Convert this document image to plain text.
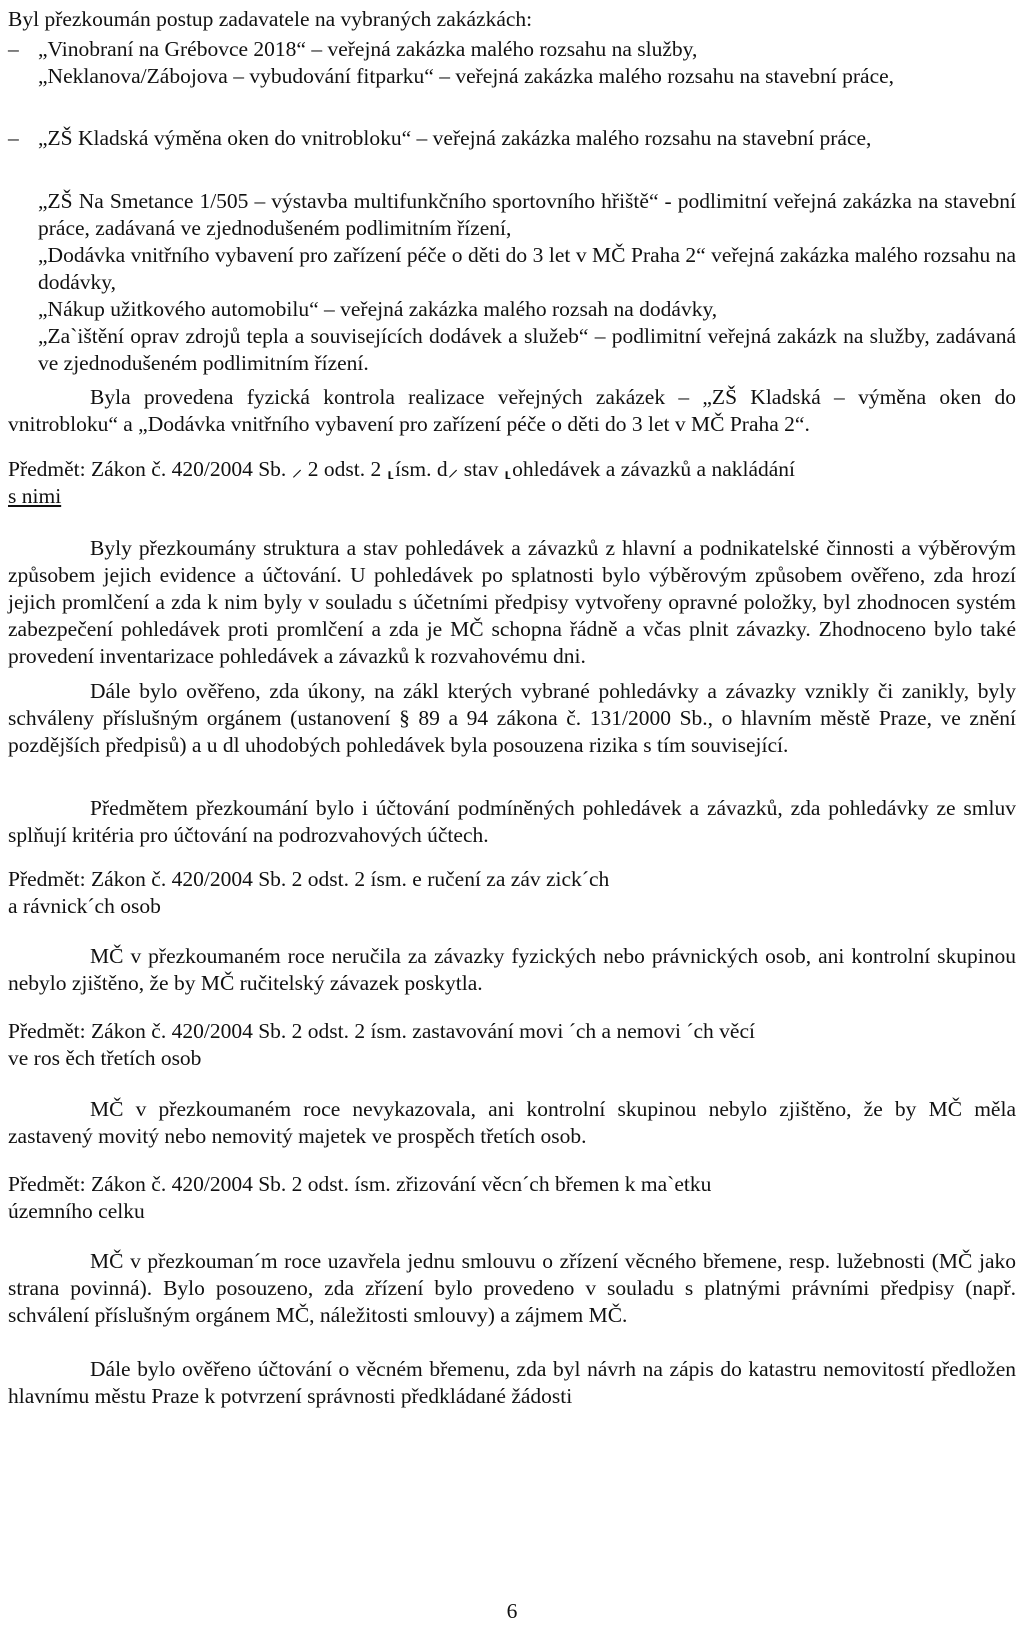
Byl přezkoumán postup zadavatele na vybraných zakázkách:
– „Vinobraní na Grébovce 2018“ – veřejná zakázka malého rozsahu na služby,
„Neklanova/Zábojova – vybudování fitparku“ – veřejná zakázka malého rozsahu na stavební práce,
– „ZŠ Kladská výměna oken do vnitrobloku“ – veřejná zakázka malého rozsahu na stavební práce,
„ZŠ Na Smetance 1/505 – výstavba multifunkčního sportovního hřiště“ - podlimitní veřejná zakázka na stavební práce, zadávaná ve zjednodušeném podlimitním řízení,
„Dodávka vnitřního vybavení pro zařízení péče o děti do 3 let v MČ Praha 2“ veřejná zakázka malého rozsahu na dodávky,
„Nákup užitkového automobilu“ – veřejná zakázka malého rozsah na dodávky,
„Za`ištění oprav zdrojů tepla a souvisejících dodávek a služeb“ – podlimitní veřejná zakázk na služby, zadávaná ve zjednodušeném podlimitním řízení.
Byla provedena fyzická kontrola realizace veřejných zakázek – „ZŠ Kladská – výměna oken do vnitrobloku“ a „Dodávka vnitřního vybavení pro zařízení péče o děti do 3 let v MČ Praha 2“.
Předmět: Zákon č. 420/2004 Sb. ⸝ 2 odst. 2 ⸤ísm. d⸝ stav ⸤ohledávek a závazků a nakládání
s nimi
Byly přezkoumány struktura a stav pohledávek a závazků z hlavní a podnikatelské činnosti a výběrovým způsobem jejich evidence a účtování. U pohledávek po splatnosti bylo výběrovým způsobem ověřeno, zda hrozí jejich promlčení a zda k nim byly v souladu s účetními předpisy vytvořeny opravné položky, byl zhodnocen systém zabezpečení pohledávek proti promlčení a zda je MČ schopna řádně a včas plnit závazky. Zhodnoceno bylo také provedení inventarizace pohledávek a závazků k rozvahovému dni.
Dále bylo ověřeno, zda úkony, na zákl kterých vybrané pohledávky a závazky vznikly či zanikly, byly schváleny příslušným orgánem (ustanovení § 89 a 94 zákona č. 131/2000 Sb., o hlavním městě Praze, ve znění pozdějších předpisů) a u dl uhodobých pohledávek byla posouzena rizika s tím související.
Předmětem přezkoumání bylo i účtování podmíněných pohledávek a závazků, zda pohledávky ze smluv splňují kritéria pro účtování na podrozvahových účtech.
Předmět: Zákon č. 420/2004 Sb. 2 odst. 2 ísm. e ručení za záv zick´ch
a rávnick´ch osob
MČ v přezkoumaném roce neručila za závazky fyzických nebo právnických osob, ani kontrolní skupinou nebylo zjištěno, že by MČ ručitelský závazek poskytla.
Předmět: Zákon č. 420/2004 Sb. 2 odst. 2 ísm. zastavování movi ´ch a nemovi ´ch věcí
ve ros ěch třetích osob
MČ v přezkoumaném roce nevykazovala, ani kontrolní skupinou nebylo zjištěno, že by MČ měla zastavený movitý nebo nemovitý majetek ve prospěch třetích osob.
Předmět: Zákon č. 420/2004 Sb. 2 odst. ísm. zřizování věcn´ch břemen k ma`etku
územního celku
MČ v přezkouman´m roce uzavřela jednu smlouvu o zřízení věcného břemene, resp. lužebnosti (MČ jako strana povinná). Bylo posouzeno, zda zřízení bylo provedeno v souladu s platnými právními předpisy (např. schválení příslušným orgánem MČ, náležitosti smlouvy) a zájmem MČ.
Dále bylo ověřeno účtování o věcném břemenu, zda byl návrh na zápis do katastru nemovitostí předložen hlavnímu městu Praze k potvrzení správnosti předkládané žádosti
6
